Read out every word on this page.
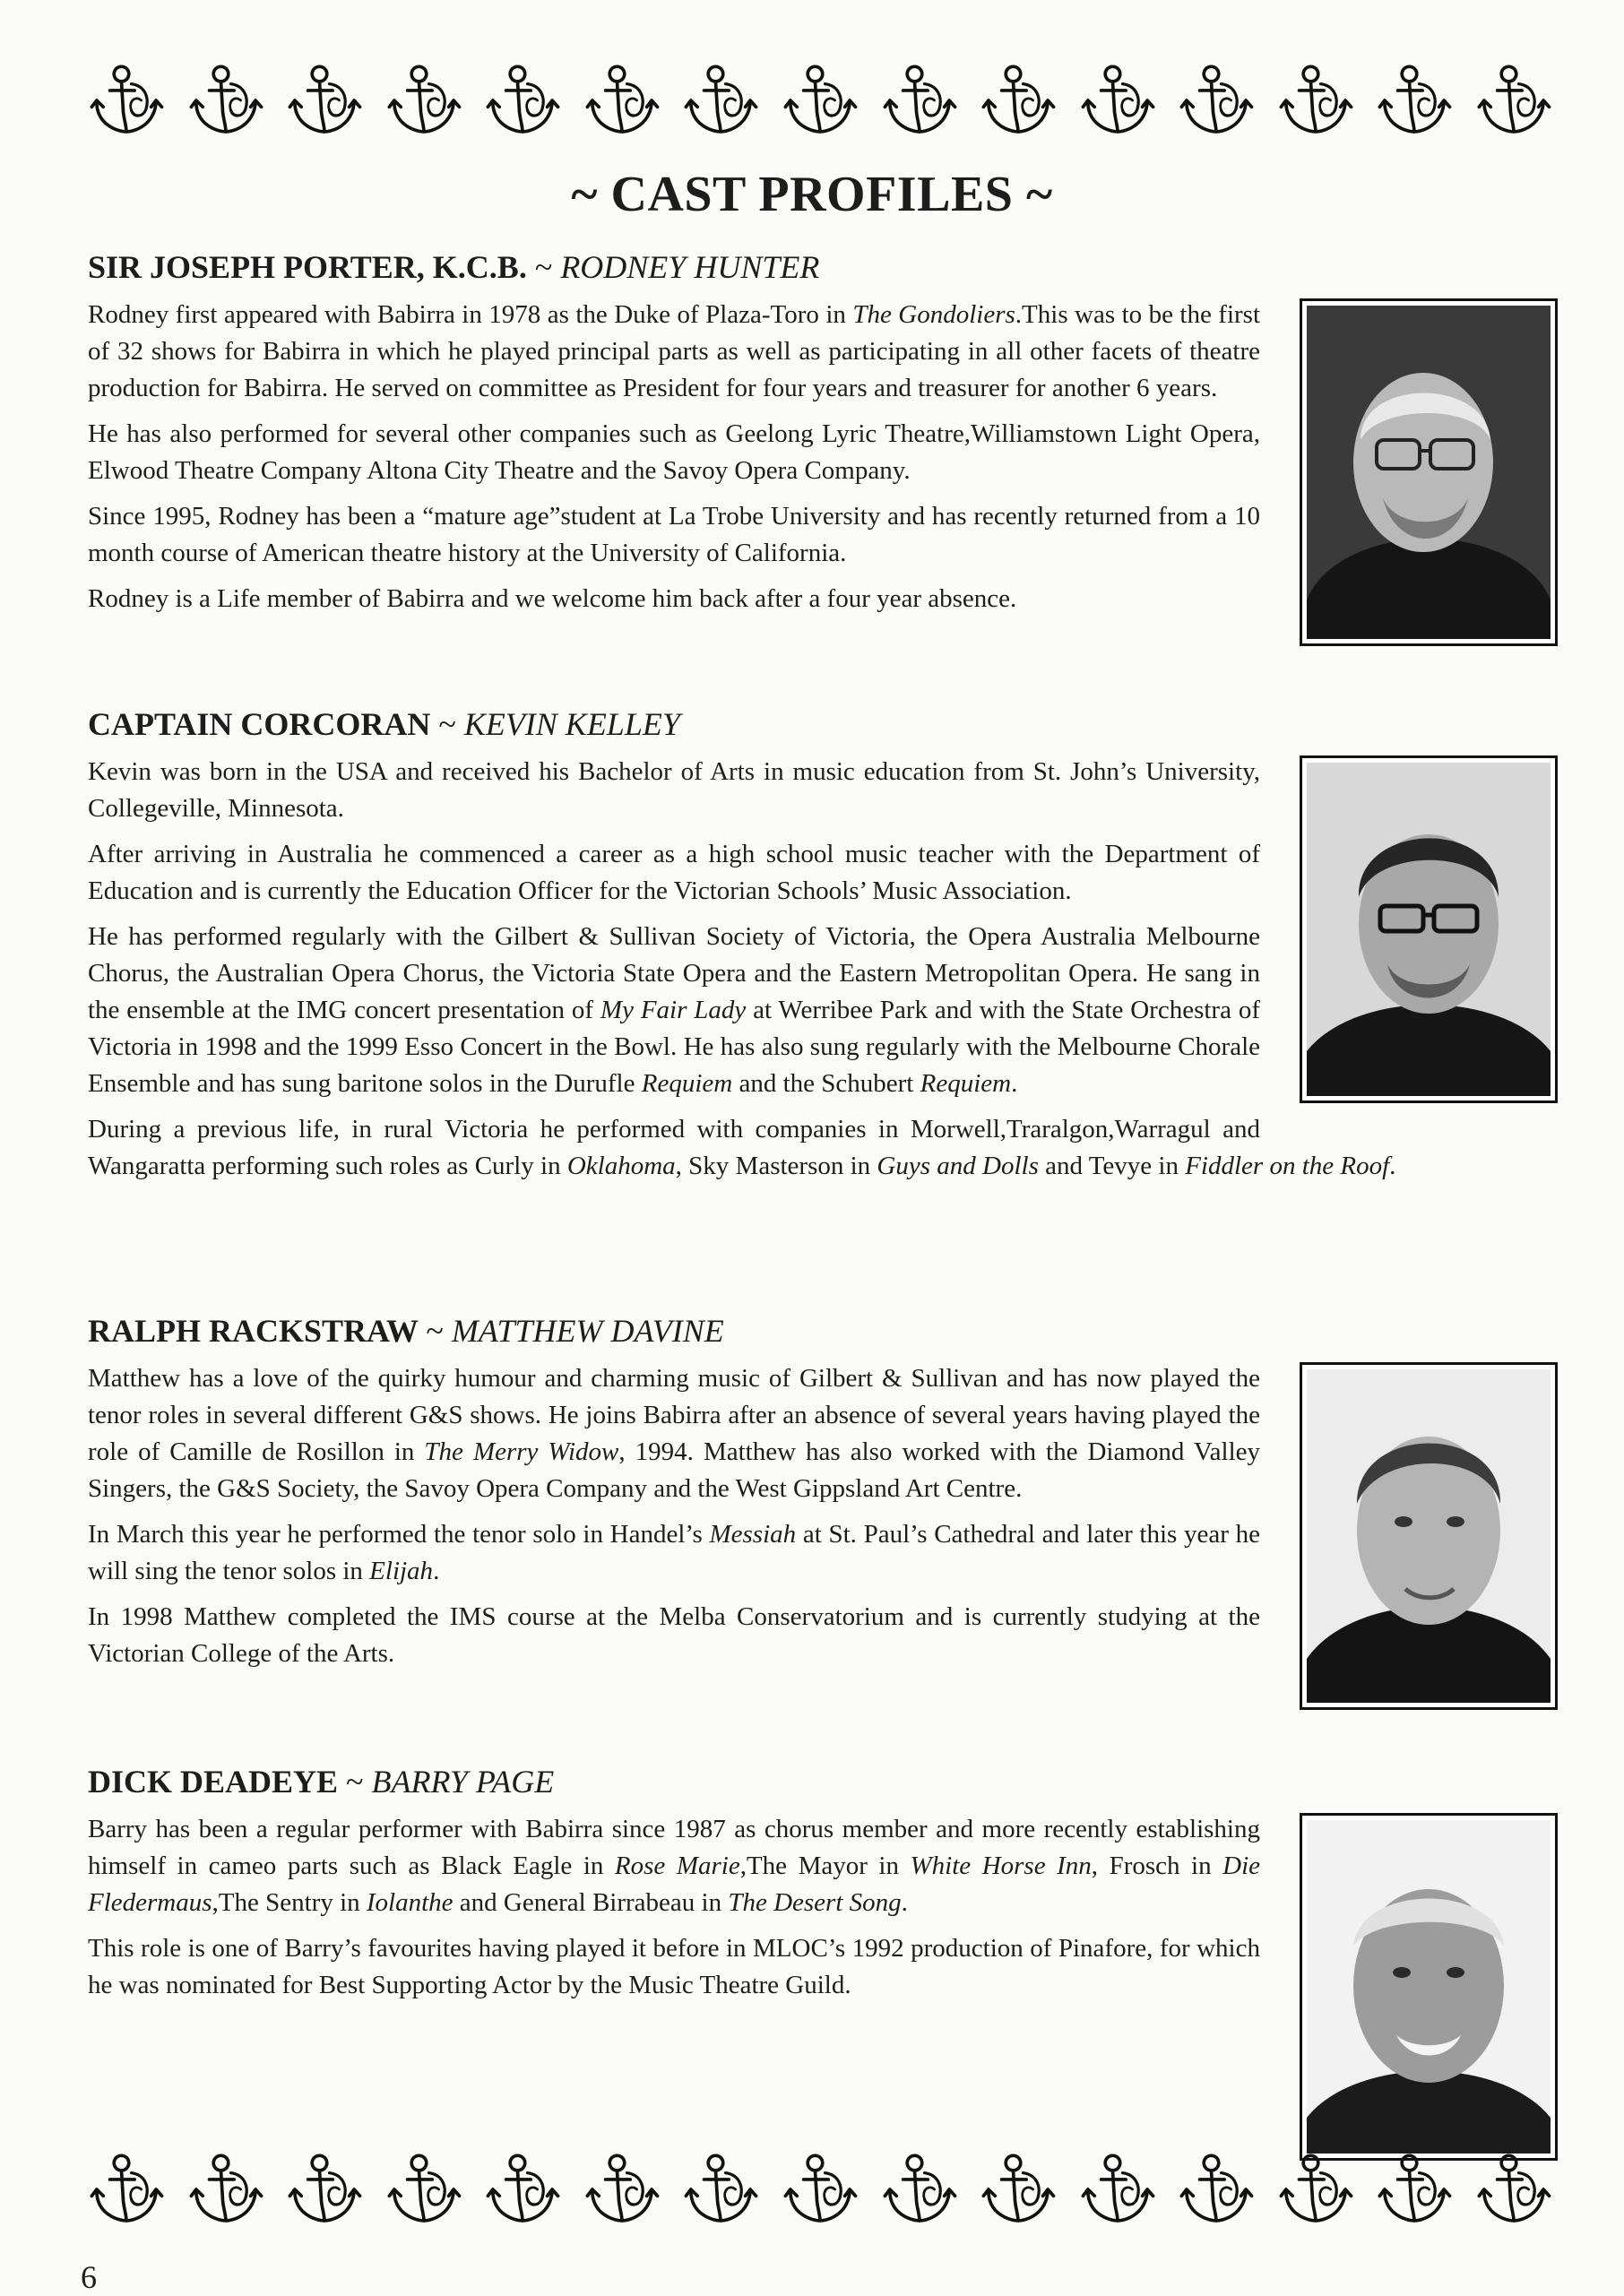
~ CAST PROFILES ~
SIR JOSEPH PORTER, K.C.B. ~ RODNEY HUNTER

Rodney first appeared with Babirra in 1978 as the Duke of Plaza-Toro in The Gondoliers.This was to be the first of 32 shows for Babirra in which he played principal parts as well as participating in all other facets of theatre production for Babirra. He served on committee as President for four years and treasurer for another 6 years.

He has also performed for several other companies such as Geelong Lyric Theatre,Williamstown Light Opera, Elwood Theatre Company Altona City Theatre and the Savoy Opera Company.

Since 1995, Rodney has been a “mature age”student at La Trobe University and has recently returned from a 10 month course of American theatre history at the University of California.

Rodney is a Life member of Babirra and we welcome him back after a four year absence.

CAPTAIN CORCORAN ~ KEVIN KELLEY

Kevin was born in the USA and received his Bachelor of Arts in music education from St. John’s University, Collegeville, Minnesota.

After arriving in Australia he commenced a career as a high school music teacher with the Department of Education and is currently the Education Officer for the Victorian Schools’ Music Association.

He has performed regularly with the Gilbert & Sullivan Society of Victoria, the Opera Australia Melbourne Chorus, the Australian Opera Chorus, the Victoria State Opera and the Eastern Metropolitan Opera. He sang in the ensemble at the IMG concert presentation of My Fair Lady at Werribee Park and with the State Orchestra of Victoria in 1998 and the 1999 Esso Concert in the Bowl. He has also sung regularly with the Melbourne Chorale Ensemble and has sung baritone solos in the Durufle Requiem and the Schubert Requiem.

During a previous life, in rural Victoria he performed with companies in Morwell,Traralgon,Warragul and Wangaratta performing such roles as Curly in Oklahoma, Sky Masterson in Guys and Dolls and Tevye in Fiddler on the Roof.

RALPH RACKSTRAW ~ MATTHEW DAVINE

Matthew has a love of the quirky humour and charming music of Gilbert & Sullivan and has now played the tenor roles in several different G&S shows. He joins Babirra after an absence of several years having played the role of Camille de Rosillon in The Merry Widow, 1994. Matthew has also worked with the Diamond Valley Singers, the G&S Society, the Savoy Opera Company and the West Gippsland Art Centre.

In March this year he performed the tenor solo in Handel’s Messiah at St. Paul’s Cathedral and later this year he will sing the tenor solos in Elijah.

In 1998 Matthew completed the IMS course at the Melba Conservatorium and is currently studying at the Victorian College of the Arts.

DICK DEADEYE ~ BARRY PAGE

Barry has been a regular performer with Babirra since 1987 as chorus member and more recently establishing himself in cameo parts such as Black Eagle in Rose Marie,The Mayor in White Horse Inn, Frosch in Die Fledermaus,The Sentry in Iolanthe and General Birrabeau in The Desert Song.

This role is one of Barry’s favourites having played it before in MLOC’s 1992 production of Pinafore, for which he was nominated for Best Supporting Actor by the Music Theatre Guild.

6
